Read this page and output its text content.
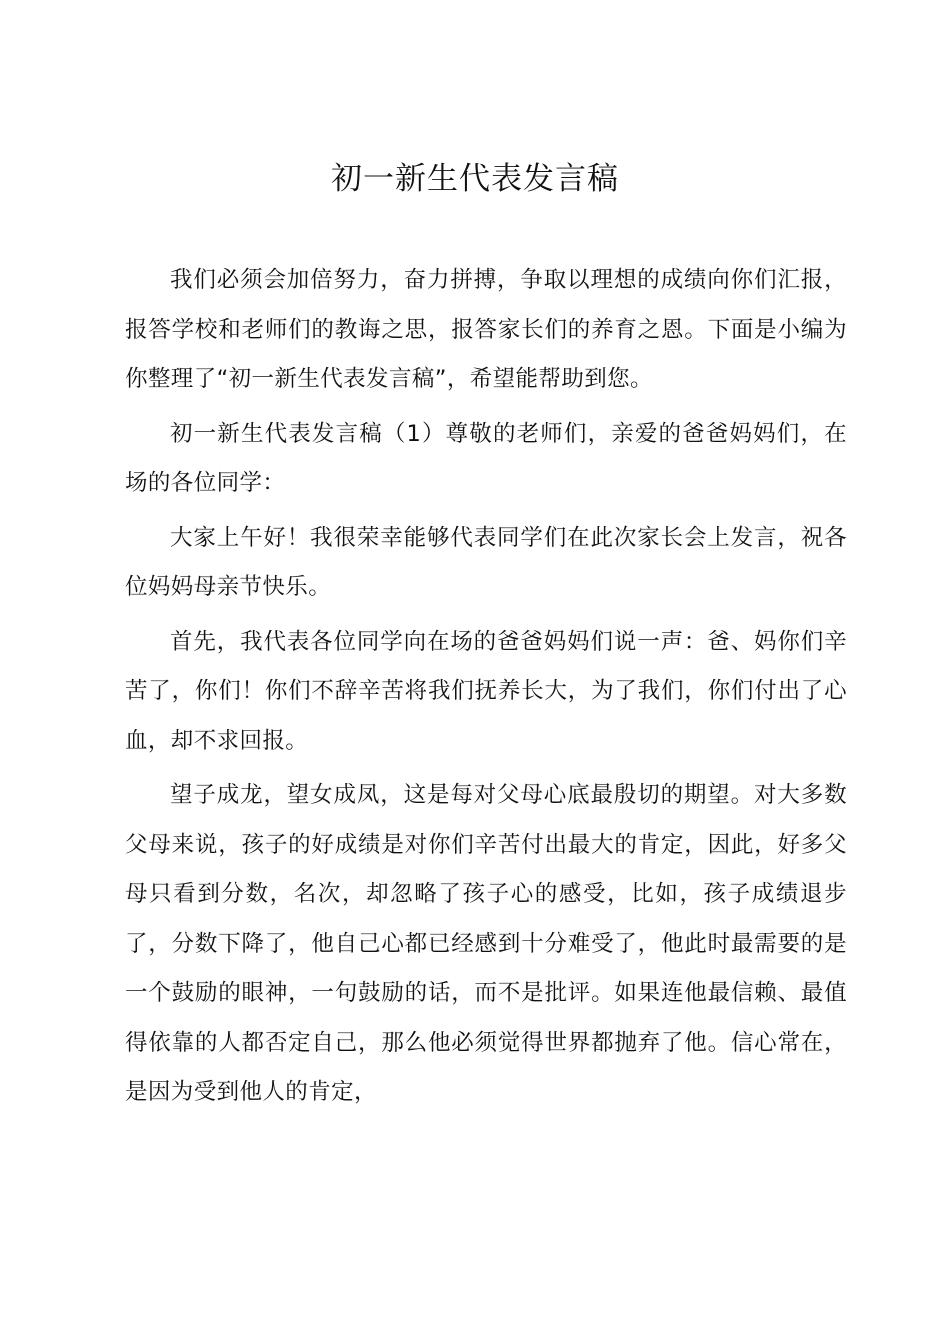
初一新生代表发言稿

我们必须会加倍努力，奋力拼搏，争取以理想的成绩向你们汇报，报答学校和老师们的教诲之思，报答家长们的养育之恩。下面是小编为你整理了“初一新生代表发言稿”，希望能帮助到您。

初一新生代表发言稿（1）尊敬的老师们，亲爱的爸爸妈妈们，在场的各位同学：

大家上午好！我很荣幸能够代表同学们在此次家长会上发言，祝各位妈妈母亲节快乐。

首先，我代表各位同学向在场的爸爸妈妈们说一声：爸、妈你们辛苦了，你们！你们不辞辛苦将我们抚养长大，为了我们，你们付出了心血，却不求回报。

望子成龙，望女成凤，这是每对父母心底最殷切的期望。对大多数父母来说，孩子的好成绩是对你们辛苦付出最大的肯定，因此，好多父母只看到分数，名次，却忽略了孩子心的感受，比如，孩子成绩退步了，分数下降了，他自己心都已经感到十分难受了，他此时最需要的是一个鼓励的眼神，一句鼓励的话，而不是批评。如果连他最信赖、最值得依靠的人都否定自己，那么他必须觉得世界都抛弃了他。信心常在，是因为受到他人的肯定，
